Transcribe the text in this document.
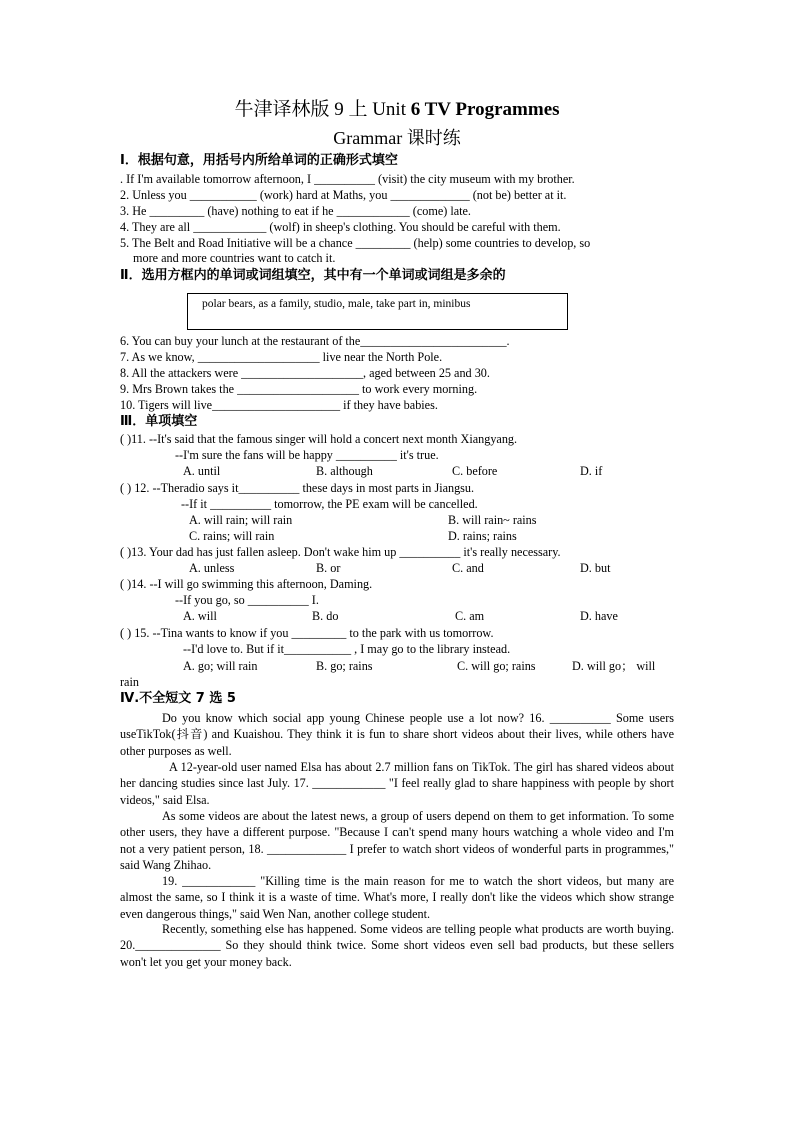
牛津译林版 9 上 Unit 6 TV Programmes
Grammar 课时练
I．根据句意，用括号内所给单词的正确形式填空
. If I'm available tomorrow afternoon, I __________ (visit) the city museum with my brother.
2. Unless you ___________ (work) hard at Maths, you _____________ (not be) better at it.
3. He _________ (have) nothing to eat if he ____________ (come) late.
4. They are all ____________ (wolf) in sheep's clothing. You should be careful with them.
5. The Belt and Road Initiative will be a chance _________ (help) some countries to develop, so
more and more countries want to catch it.
Ⅱ．选用方框内的单词或词组填空，其中有一个单词或词组是多余的
polar bears, as a family, studio, male, take part in, minibus
6. You can buy your lunch at the restaurant of the________________________.
7. As we know, ____________________ live near the North Pole.
8. All the attackers were ____________________, aged between 25 and 30.
9. Mrs Brown takes the ____________________ to work every morning.
10. Tigers will live_____________________ if they have babies.
Ⅲ．单项填空
( )11. --It's said that the famous singer will hold a concert next month Xiangyang.
--I'm sure the fans will be happy __________ it's true.
A. until	B. although	C. before	D. if
( ) 12. --Theradio says it__________ these days in most parts in Jiangsu.
--If it __________ tomorrow, the PE exam will be cancelled.
A. will rain; will rain	B. will rain~ rains
C. rains; will rain	D. rains; rains
( )13. Your dad has just fallen asleep. Don't wake him up __________ it's really necessary.
A. unless	B. or	C. and	D. but
( )14. --I will go swimming this afternoon, Daming.
--If you go, so __________ I.
A. will	B. do	C. am	D. have
( ) 15. --Tina wants to know if you _________ to the park with us tomorrow.
--I'd love to. But if it___________ , I may go to the library instead.
A. go; will rain	B. go; rains	C. will go; rains	D. will go； will
rain
Ⅳ.不全短文 7 选 5
Do you know which social app young Chinese people use a lot now? 16. __________ Some users useTikTok(抖音) and Kuaishou. They think it is fun to share short videos about their lives, while others have other purposes as well.
A 12-year-old user named Elsa has about 2.7 million fans on TikTok. The girl has shared videos about her dancing studies since last July. 17. ____________ "I feel really glad to share happiness with people by short videos," said Elsa.
As some videos are about the latest news, a group of users depend on them to get information. To some other users, they have a different purpose. "Because I can't spend many hours watching a whole video and I'm not a very patient person, 18. _____________ I prefer to watch short videos of wonderful parts in programmes," said Wang Zhihao.
19. ____________ "Killing time is the main reason for me to watch the short videos, but many are almost the same, so I think it is a waste of time. What's more, I really don't like the videos which show strange even dangerous things," said Wen Nan, another college student.
Recently, something else has happened. Some videos are telling people what products are worth buying. 20.______________ So they should think twice. Some short videos even sell bad products, but these sellers won't let you get your money back.
